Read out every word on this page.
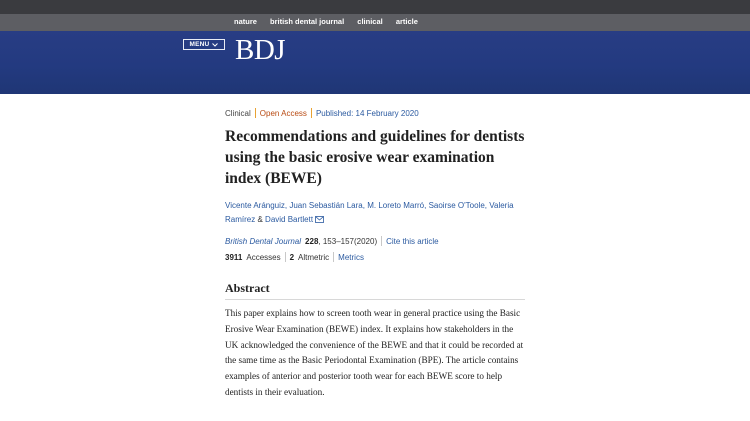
nature british dental journal clinical article
MENU BDJ
Clinical Open Access Published: 14 February 2020
Recommendations and guidelines for dentists using the basic erosive wear examination index (BEWE)
Vicente Aránguiz, Juan Sebastián Lara, M. Loreto Marró, Saoirse O'Toole, Valeria Ramírez & David Bartlett
British Dental Journal 228 , 153–157(2020) Cite this article
3911 Accesses 2 Altmetric Metrics
Abstract

This paper explains how to screen tooth wear in general practice using the Basic Erosive Wear Examination (BEWE) index. It explains how stakeholders in the UK acknowledged the convenience of the BEWE and that it could be recorded at the same time as the Basic Periodontal Examination (BPE). The article contains examples of anterior and posterior tooth wear for each BEWE score to help dentists in their evaluation.
